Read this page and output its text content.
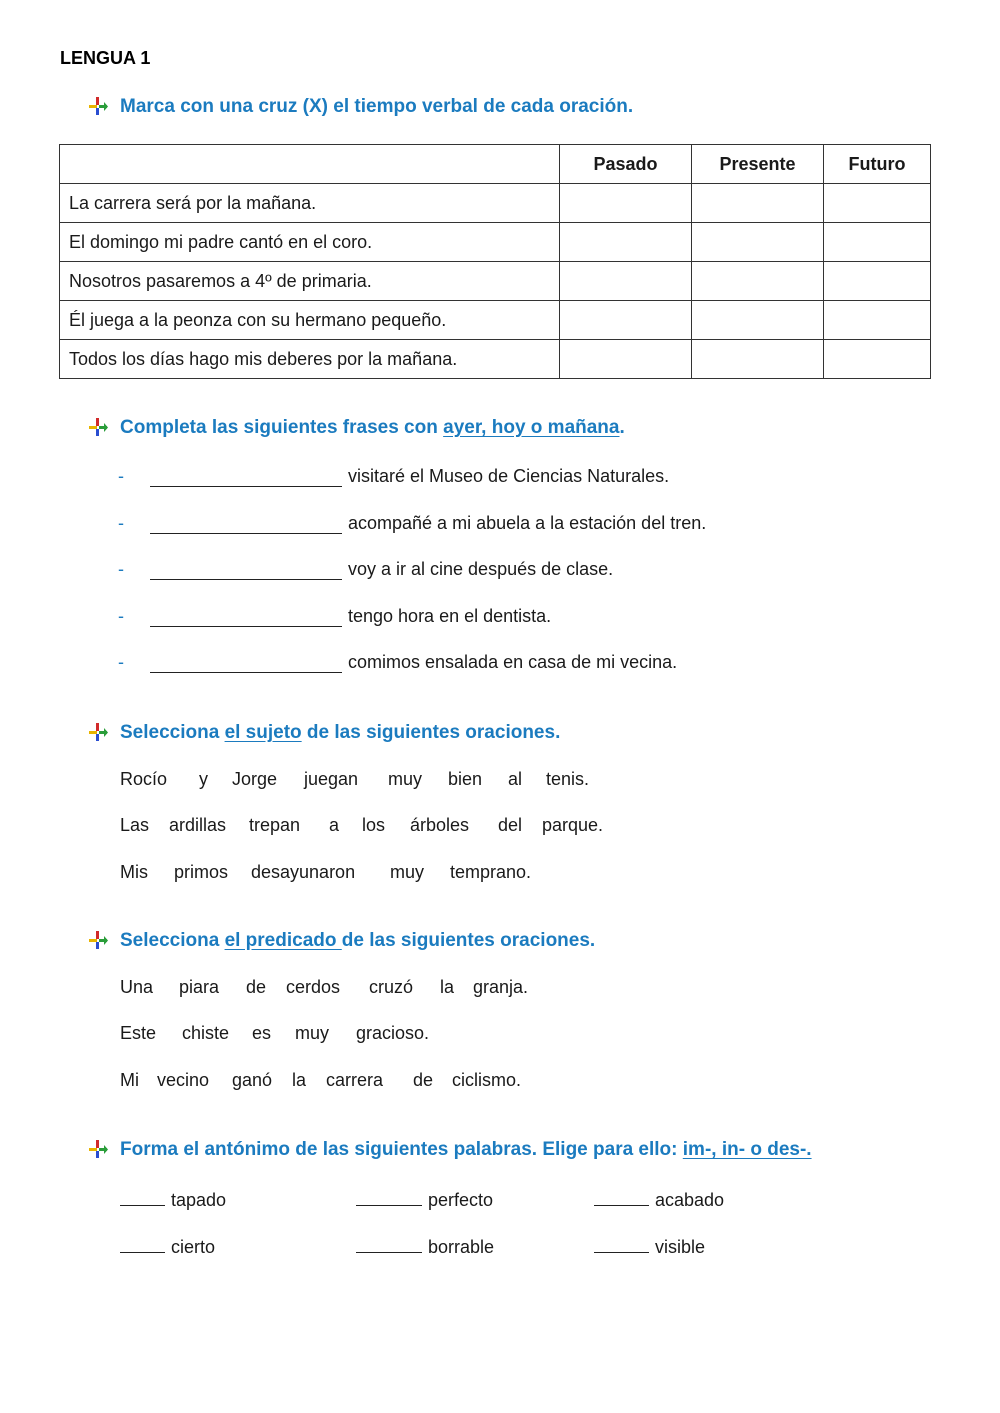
LENGUA 1
Marca con una cruz (X) el tiempo verbal de cada oración.
	Pasado	Presente	Futuro
La carrera será por la mañana.			
El domingo mi padre cantó en el coro.			
Nosotros pasaremos a 4º de primaria.			
Él juega a la peonza con su hermano pequeño.			
Todos los días hago mis deberes por la mañana.			
Completa las siguientes frases con ayer, hoy o mañana.
-	visitaré el Museo de Ciencias Naturales.
-	acompañé a mi abuela a la estación del tren.
-	voy a ir al cine después de clase.
-	tengo hora en el dentista.
-	comimos ensalada en casa de mi vecina.
Selecciona el sujeto de las siguientes oraciones.
Rocío	y	Jorge	juegan	muy	bien	al	tenis.
Las	ardillas	trepan	a	los	árboles	del	parque.
Mis	primos	desayunaron	muy	temprano.
Selecciona el predicado de las siguientes oraciones.
Una	piara	de	cerdos	cruzó	la	granja.
Este	chiste	es	muy	gracioso.
Mi	vecino	ganó	la	carrera	de	ciclismo.
Forma el antónimo de las siguientes palabras. Elige para ello: im-, in- o des-.
tapado	perfecto	acabado
cierto	borrable	visible
